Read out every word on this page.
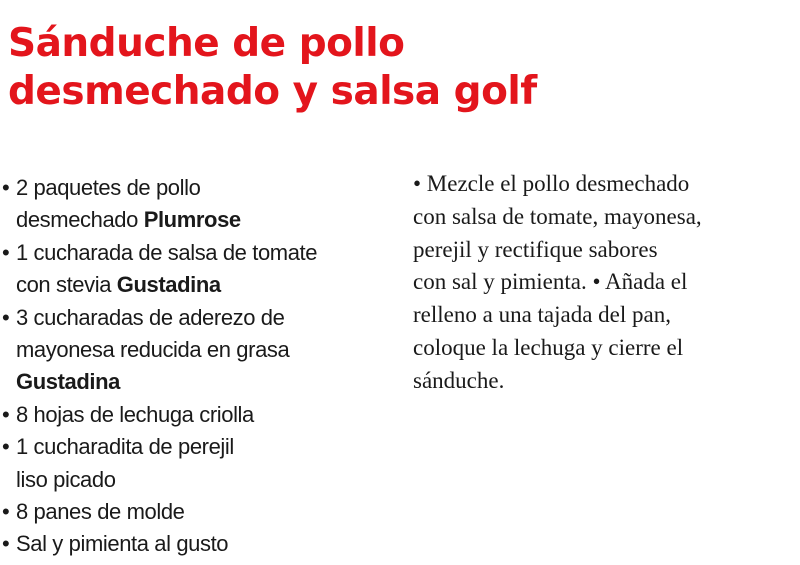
Sánduche de pollo
desmechado y salsa golf
• 2 paquetes de pollo
desmechado Plumrose
• 1 cucharada de salsa de tomate
con stevia Gustadina
• 3 cucharadas de aderezo de
mayonesa reducida en grasa
Gustadina
• 8 hojas de lechuga criolla
• 1 cucharadita de perejil
liso picado
• 8 panes de molde
• Sal y pimienta al gusto
• Mezcle el pollo desmechado
con salsa de tomate, mayonesa,
perejil y rectifique sabores
con sal y pimienta. • Añada el
relleno a una tajada del pan,
coloque la lechuga y cierre el
sánduche.
